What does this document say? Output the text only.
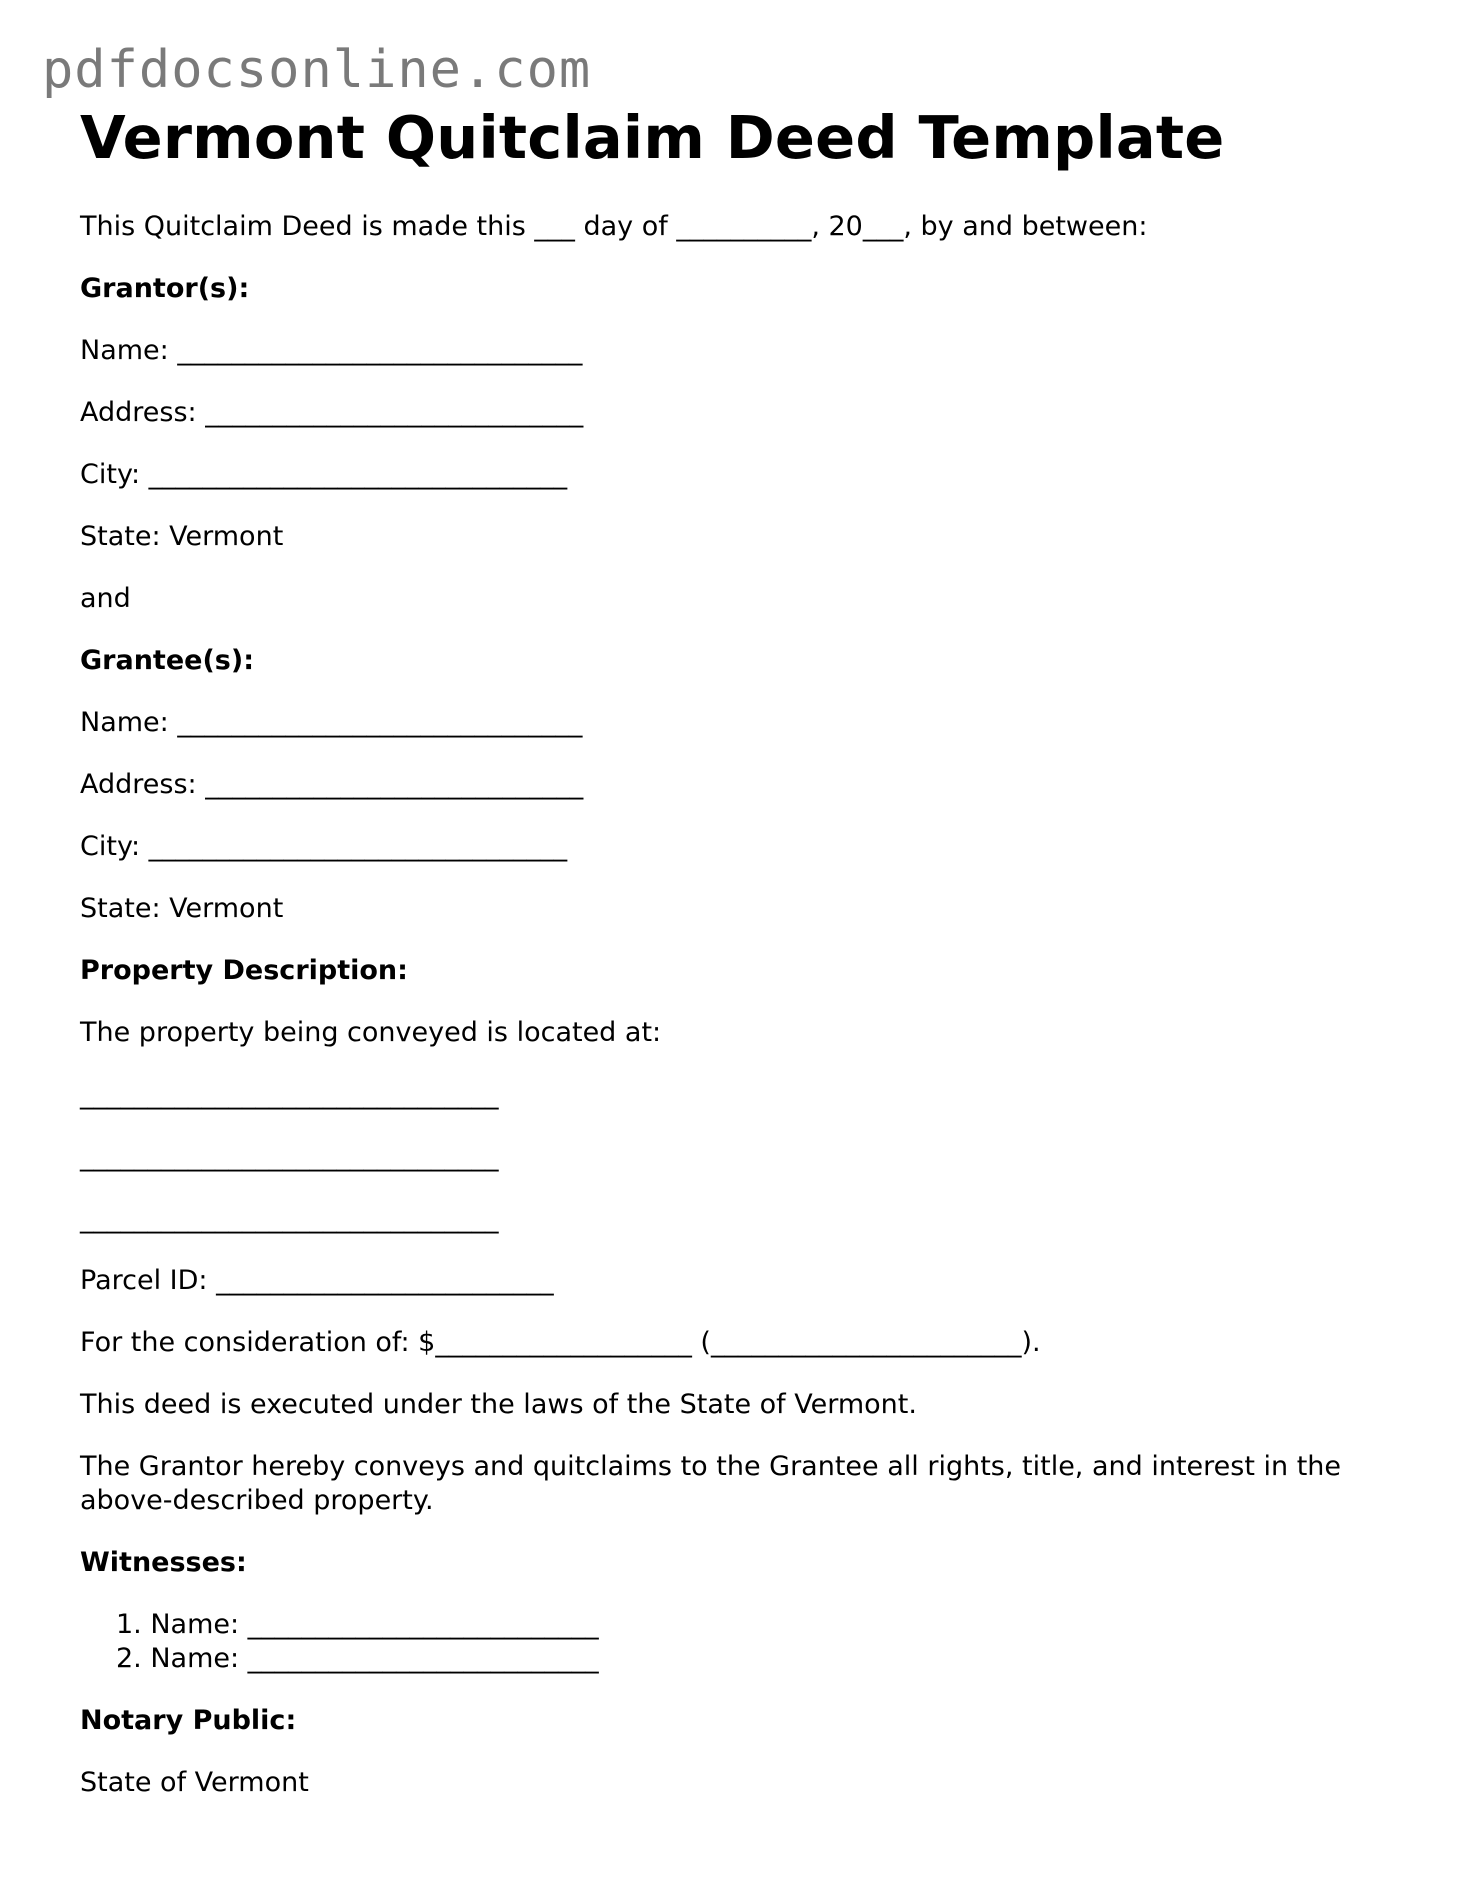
pdfdocsonline.com
Vermont Quitclaim Deed Template
This Quitclaim Deed is made this ___ day of __________, 20___, by and between:
Grantor(s):
Name: ______________________________
Address: ____________________________
City: _______________________________
State: Vermont
and
Grantee(s):
Name: ______________________________
Address: ____________________________
City: _______________________________
State: Vermont
Property Description:
The property being conveyed is located at:
_______________________________
_______________________________
_______________________________
Parcel ID: _________________________
For the consideration of: $___________________ (_______________________).
This deed is executed under the laws of the State of Vermont.
The Grantor hereby conveys and quitclaims to the Grantee all rights, title, and interest in the above-described property.
Witnesses:
1. Name: __________________________
2. Name: __________________________
Notary Public:
State of Vermont
